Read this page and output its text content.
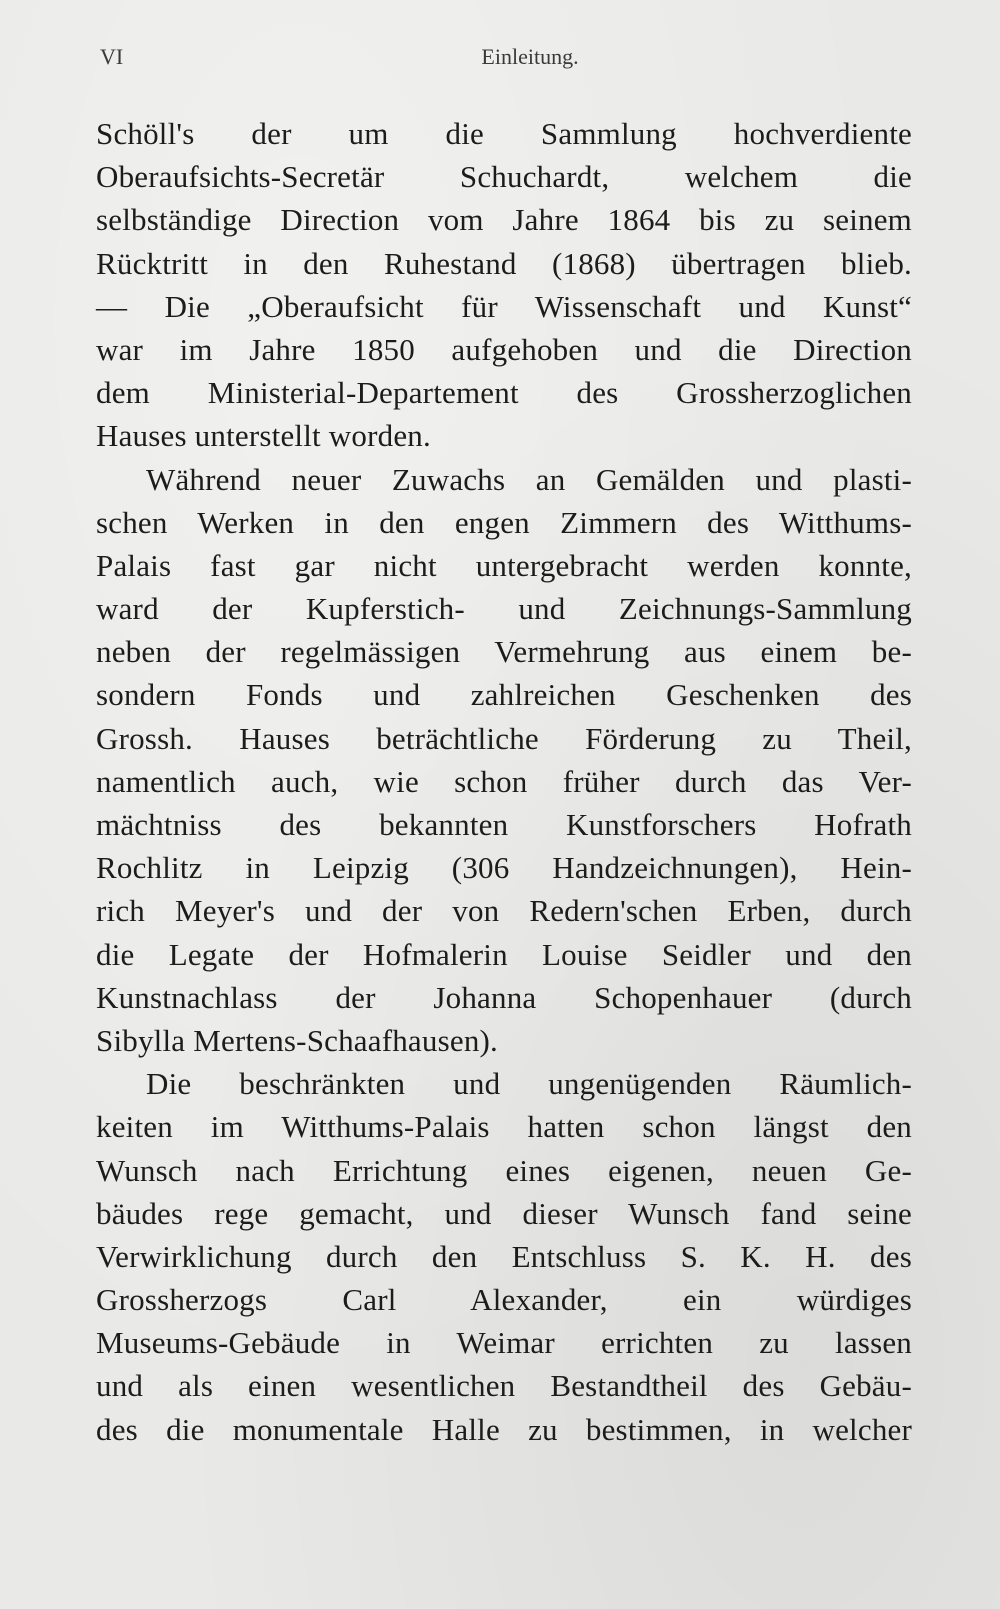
VI	Einleitung.
Schöll's der um die Sammlung hochverdiente
Oberaufsichts-Secretär Schuchardt, welchem die
selbständige Direction vom Jahre 1864 bis zu seinem
Rücktritt in den Ruhestand (1868) übertragen blieb.
— Die „Oberaufsicht für Wissenschaft und Kunst“
war im Jahre 1850 aufgehoben und die Direction
dem Ministerial-Departement des Grossherzoglichen
Hauses unterstellt worden.
Während neuer Zuwachs an Gemälden und plasti-
schen Werken in den engen Zimmern des Witthums-
Palais fast gar nicht untergebracht werden konnte,
ward der Kupferstich- und Zeichnungs-Sammlung
neben der regelmässigen Vermehrung aus einem be-
sondern Fonds und zahlreichen Geschenken des
Grossh. Hauses beträchtliche Förderung zu Theil,
namentlich auch, wie schon früher durch das Ver-
mächtniss des bekannten Kunstforschers Hofrath
Rochlitz in Leipzig (306 Handzeichnungen), Hein-
rich Meyer's und der von Redern'schen Erben, durch
die Legate der Hofmalerin Louise Seidler und den
Kunstnachlass der Johanna Schopenhauer (durch
Sibylla Mertens-Schaafhausen).
Die beschränkten und ungenügenden Räumlich-
keiten im Witthums-Palais hatten schon längst den
Wunsch nach Errichtung eines eigenen, neuen Ge-
bäudes rege gemacht, und dieser Wunsch fand seine
Verwirklichung durch den Entschluss S. K. H. des
Grossherzogs Carl Alexander, ein würdiges
Museums-Gebäude in Weimar errichten zu lassen
und als einen wesentlichen Bestandtheil des Gebäu-
des die monumentale Halle zu bestimmen, in welcher
